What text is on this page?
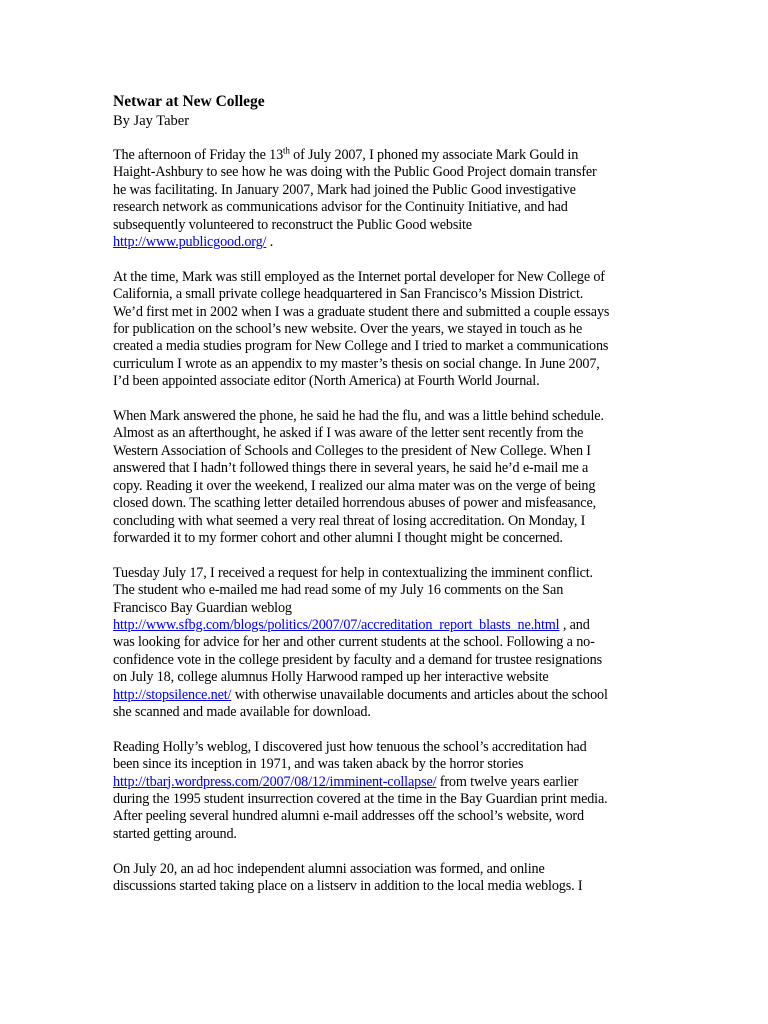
Netwar at New College

By Jay Taber

The afternoon of Friday the 13th of July 2007, I phoned my associate Mark Gould in
Haight-Ashbury to see how he was doing with the Public Good Project domain transfer
he was facilitating. In January 2007, Mark had joined the Public Good investigative
research network as communications advisor for the Continuity Initiative, and had
subsequently volunteered to reconstruct the Public Good website
http://www.publicgood.org/ .

At the time, Mark was still employed as the Internet portal developer for New College of
California, a small private college headquartered in San Francisco’s Mission District.
We’d first met in 2002 when I was a graduate student there and submitted a couple essays
for publication on the school’s new website. Over the years, we stayed in touch as he
created a media studies program for New College and I tried to market a communications
curriculum I wrote as an appendix to my master’s thesis on social change. In June 2007,
I’d been appointed associate editor (North America) at Fourth World Journal.

When Mark answered the phone, he said he had the flu, and was a little behind schedule.
Almost as an afterthought, he asked if I was aware of the letter sent recently from the
Western Association of Schools and Colleges to the president of New College. When I
answered that I hadn’t followed things there in several years, he said he’d e-mail me a
copy. Reading it over the weekend, I realized our alma mater was on the verge of being
closed down. The scathing letter detailed horrendous abuses of power and misfeasance,
concluding with what seemed a very real threat of losing accreditation. On Monday, I
forwarded it to my former cohort and other alumni I thought might be concerned.

Tuesday July 17, I received a request for help in contextualizing the imminent conflict.
The student who e-mailed me had read some of my July 16 comments on the San
Francisco Bay Guardian weblog
http://www.sfbg.com/blogs/politics/2007/07/accreditation_report_blasts_ne.html , and
was looking for advice for her and other current students at the school. Following a no-
confidence vote in the college president by faculty and a demand for trustee resignations
on July 18, college alumnus Holly Harwood ramped up her interactive website
http://stopsilence.net/ with otherwise unavailable documents and articles about the school
she scanned and made available for download.

Reading Holly’s weblog, I discovered just how tenuous the school’s accreditation had
been since its inception in 1971, and was taken aback by the horror stories
http://tbarj.wordpress.com/2007/08/12/imminent-collapse/ from twelve years earlier
during the 1995 student insurrection covered at the time in the Bay Guardian print media.
After peeling several hundred alumni e-mail addresses off the school’s website, word
started getting around.

On July 20, an ad hoc independent alumni association was formed, and online
discussions started taking place on a listserv in addition to the local media weblogs. I
